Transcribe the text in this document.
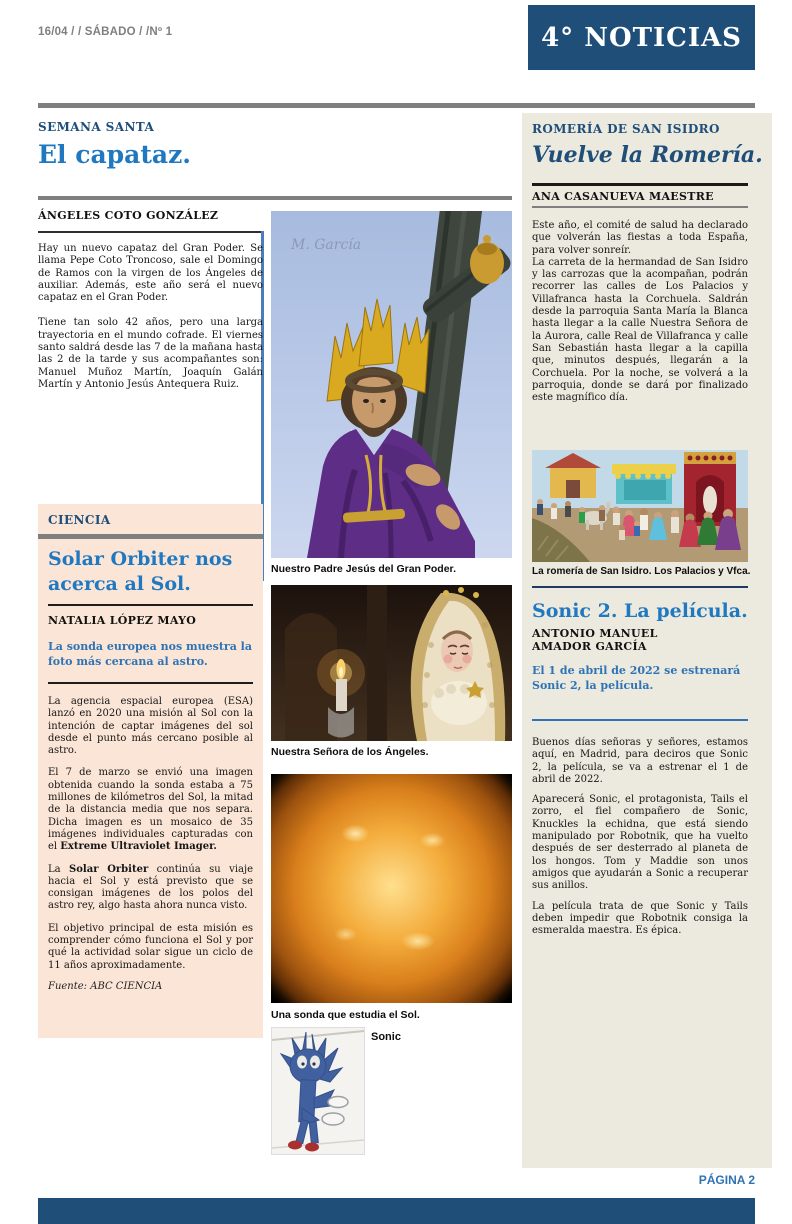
16/04 / / SÁBADO / /Nº 1	4° NOTICIAS
SEMANA SANTA
El capataz.
ÁNGELES COTO GONZÁLEZ

Hay un nuevo capataz del Gran Poder. Se llama Pepe Coto Troncoso, sale el Domingo de Ramos con la virgen de los Ángeles de auxiliar. Además, este año será el nuevo capataz en el Gran Poder.

Tiene tan solo 42 años, pero una larga trayectoria en el mundo cofrade. El viernes santo saldrá desde las 7 de la mañana hasta las 2 de la tarde y sus acompañantes son: Manuel Muñoz Martín, Joaquín Galán Martín y Antonio Jesús Antequera Ruiz.

CIENCIA
Solar Orbiter nos acerca al Sol.
NATALIA LÓPEZ MAYO
La sonda europea nos muestra la foto más cercana al astro.

La agencia espacial europea (ESA) lanzó en 2020 una misión al Sol con la intención de captar imágenes del sol desde el punto más cercano posible al astro.

El 7 de marzo se envió una imagen obtenida cuando la sonda estaba a 75 millones de kilómetros del Sol, la mitad de la distancia media que nos separa. Dicha imagen es un mosaico de 35 imágenes individuales capturadas con el Extreme Ultraviolet Imager.

La Solar Orbiter continúa su viaje hacia el Sol y está previsto que se consigan imágenes de los polos del astro rey, algo hasta ahora nunca visto.

El objetivo principal de esta misión es comprender cómo funciona el Sol y por qué la actividad solar sigue un ciclo de 11 años aproximadamente.

Fuente: ABC CIENCIA
M. García
Nuestro Padre Jesús del Gran Poder.
Nuestra Señora de los Ángeles.
Una sonda que estudia el Sol.
Sonic
ROMERÍA DE SAN ISIDRO
Vuelve la Romería.
ANA CASANUEVA MAESTRE

Este año, el comité de salud ha declarado que volverán las fiestas a toda España, para volver sonreír.

La carreta de la hermandad de San Isidro y las carrozas que la acompañan, podrán recorrer las calles de Los Palacios y Villafranca hasta la Corchuela. Saldrán desde la parroquia Santa María la Blanca hasta llegar a la calle Nuestra Señora de la Aurora, calle Real de Villafranca y calle San Sebastián hasta llegar a la capilla que, minutos después, llegarán a la Corchuela. Por la noche, se volverá a la parroquia, donde se dará por finalizado este magnífico día.

La romería de San Isidro. Los Palacios y Vfca.
Sonic 2. La película.
ANTONIO MANUEL AMADOR GARCÍA
El 1 de abril de 2022 se estrenará Sonic 2, la película.

Buenos días señoras y señores, estamos aquí, en Madrid, para deciros que Sonic 2, la película, se va a estrenar el 1 de abril de 2022.

Aparecerá Sonic, el protagonista, Tails el zorro, el fiel compañero de Sonic, Knuckles la echidna, que está siendo manipulado por Robotnik, que ha vuelto después de ser desterrado al planeta de los hongos. Tom y Maddie son unos amigos que ayudarán a Sonic a recuperar sus anillos.

La película trata de que Sonic y Tails deben impedir que Robotnik consiga la esmeralda maestra. Es épica.

PÁGINA 2
